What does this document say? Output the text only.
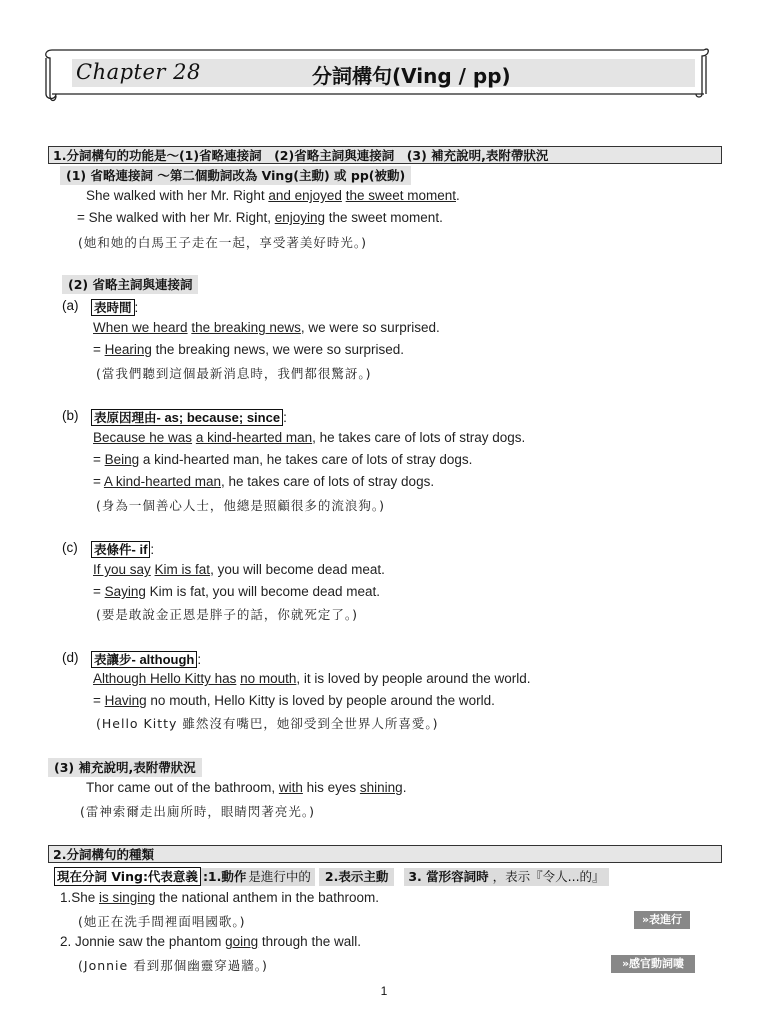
Chapter 28	分詞構句(Ving / pp)
1.分詞構句的功能是～(1)省略連接詞　(2)省略主詞與連接詞　(3) 補充說明,表附帶狀況
(1) 省略連接詞 ～第二個動詞改為 Ving(主動) 或 pp(被動)
She walked with her Mr. Right and enjoyed the sweet moment.
= She walked with her Mr. Right, enjoying the sweet moment.
(她和她的白馬王子走在一起，享受著美好時光。)
(2) 省略主詞與連接詞
(a) 表時間 :
When we heard the breaking news, we were so surprised.
= Hearing the breaking news, we were so surprised.
(當我們聽到這個最新消息時，我們都很驚訝。)
(b) 表原因理由- as; because; since :
Because he was a kind-hearted man, he takes care of lots of stray dogs.
= Being a kind-hearted man, he takes care of lots of stray dogs.
= A kind-hearted man, he takes care of lots of stray dogs.
(身為一個善心人士，他總是照顧很多的流浪狗。)
(c) 表條件- if :
If you say Kim is fat, you will become dead meat.
= Saying Kim is fat, you will become dead meat.
(要是敢說金正恩是胖子的話，你就死定了。)
(d) 表讓步- although :
Although Hello Kitty has no mouth, it is loved by people around the world.
= Having no mouth, Hello Kitty is loved by people around the world.
(Hello Kitty 雖然沒有嘴巴，她卻受到全世界人所喜愛。)
(3) 補充說明,表附帶狀況
Thor came out of the bathroom, with his eyes shining.
(雷神索爾走出廁所時，眼睛閃著亮光。)
2.分詞構句的種類
現在分詞 Ving:代表意義 :1.動作 是進行中的 2.表示主動 3. 當形容詞時 ，表示『令人...的』
1.She is singing the national anthem in the bathroom.
(她正在洗手間裡面唱國歌。)	»表進行
2. Jonnie saw the phantom going through the wall.
(Jonnie 看到那個幽靈穿過牆。)	»感官動詞嘍
1
